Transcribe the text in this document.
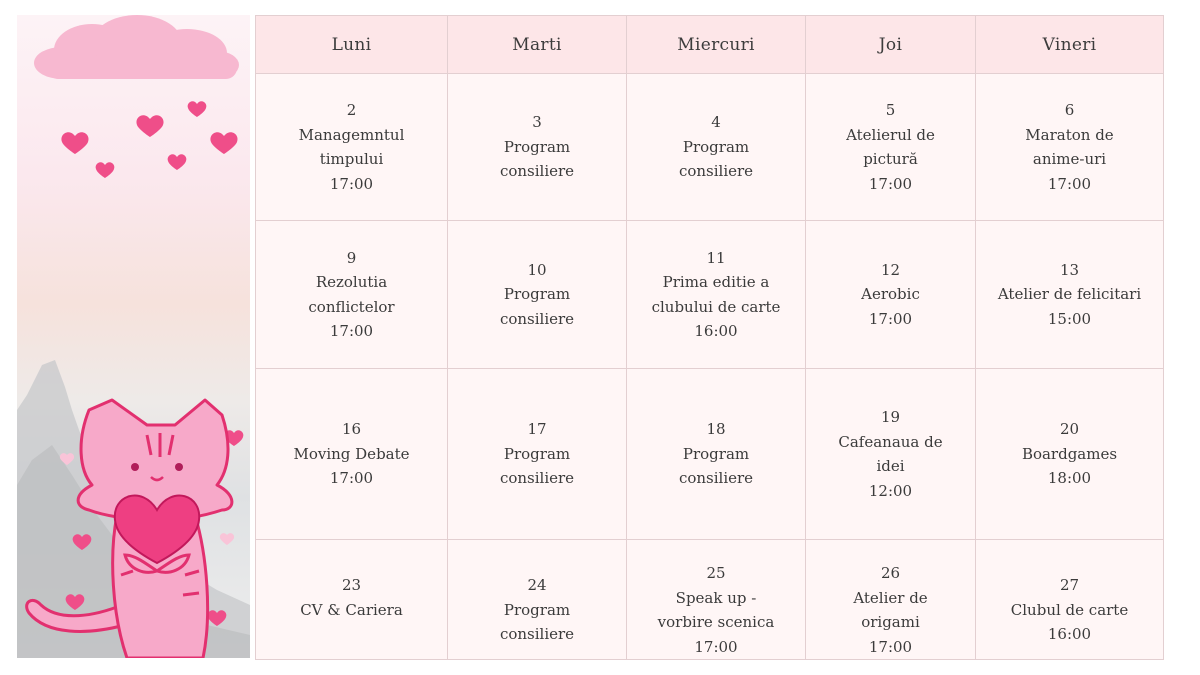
Luni	Marti	Miercuri	Joi	Vineri

2
Managemntul
timpului
17:00	3
Program
consiliere	4
Program
consiliere	5
Atelierul de
pictură
17:00	6
Maraton de
anime-uri
17:00

9
Rezolutia
conflictelor
17:00	10
Program
consiliere	11
Prima editie a
clubului de carte
16:00	12
Aerobic
17:00	13
Atelier de felicitari
15:00

16
Moving Debate
17:00	17
Program
consiliere	18
Program
consiliere	19
Cafeanaua de
idei
12:00	20
Boardgames
18:00

23
CV & Cariera	24
Program
consiliere	25
Speak up -
vorbire scenica
17:00	26
Atelier de
origami
17:00	27
Clubul de carte
16:00
